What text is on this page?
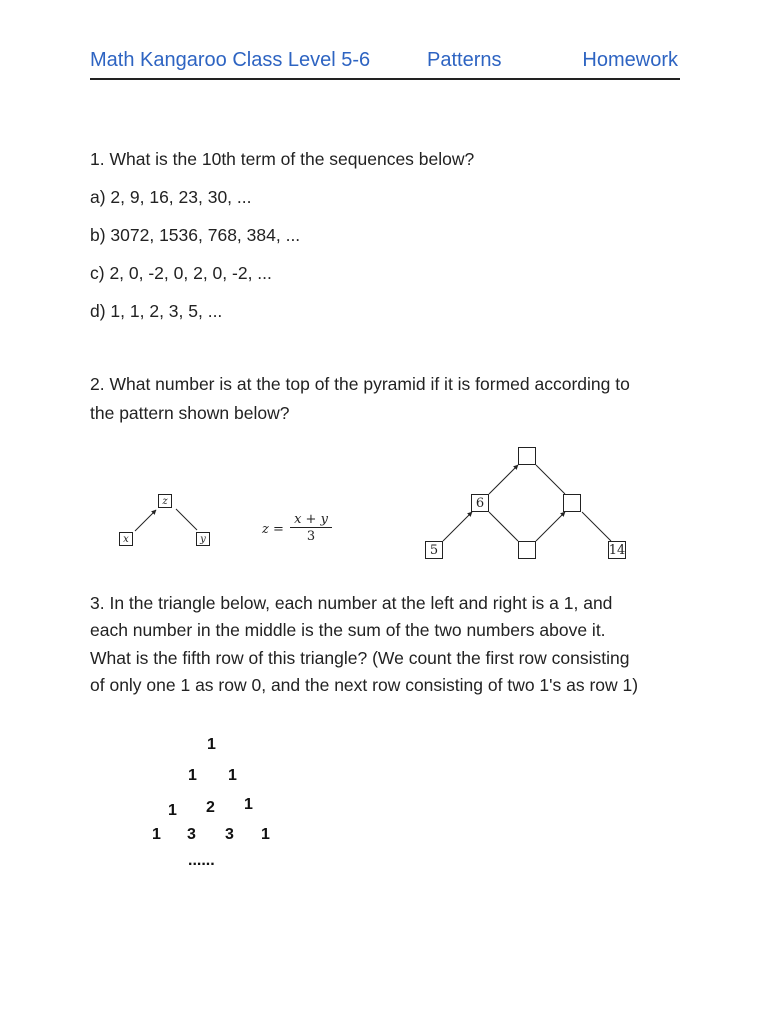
Math Kangaroo Class Level 5-6	Patterns	Homework
1. What is the 10th term of the sequences below?
a) 2, 9, 16, 23, 30, ...
b) 3072, 1536, 768, 384, ...
c) 2, 0, -2, 0, 2, 0, -2, ...
d) 1, 1, 2, 3, 5, ...
2. What number is at the top of the pyramid if it is formed according to
the pattern shown below?
z
x	y
z =
x + y
3
6
5	14
3. In the triangle below, each number at the left and right is a 1, and
each number in the middle is the sum of the two numbers above it.
What is the fifth row of this triangle? (We count the first row consisting
of only one 1 as row 0, and the next row consisting of two 1's as row 1)
1
1 1
1 2 1
1 3 3 1
......
